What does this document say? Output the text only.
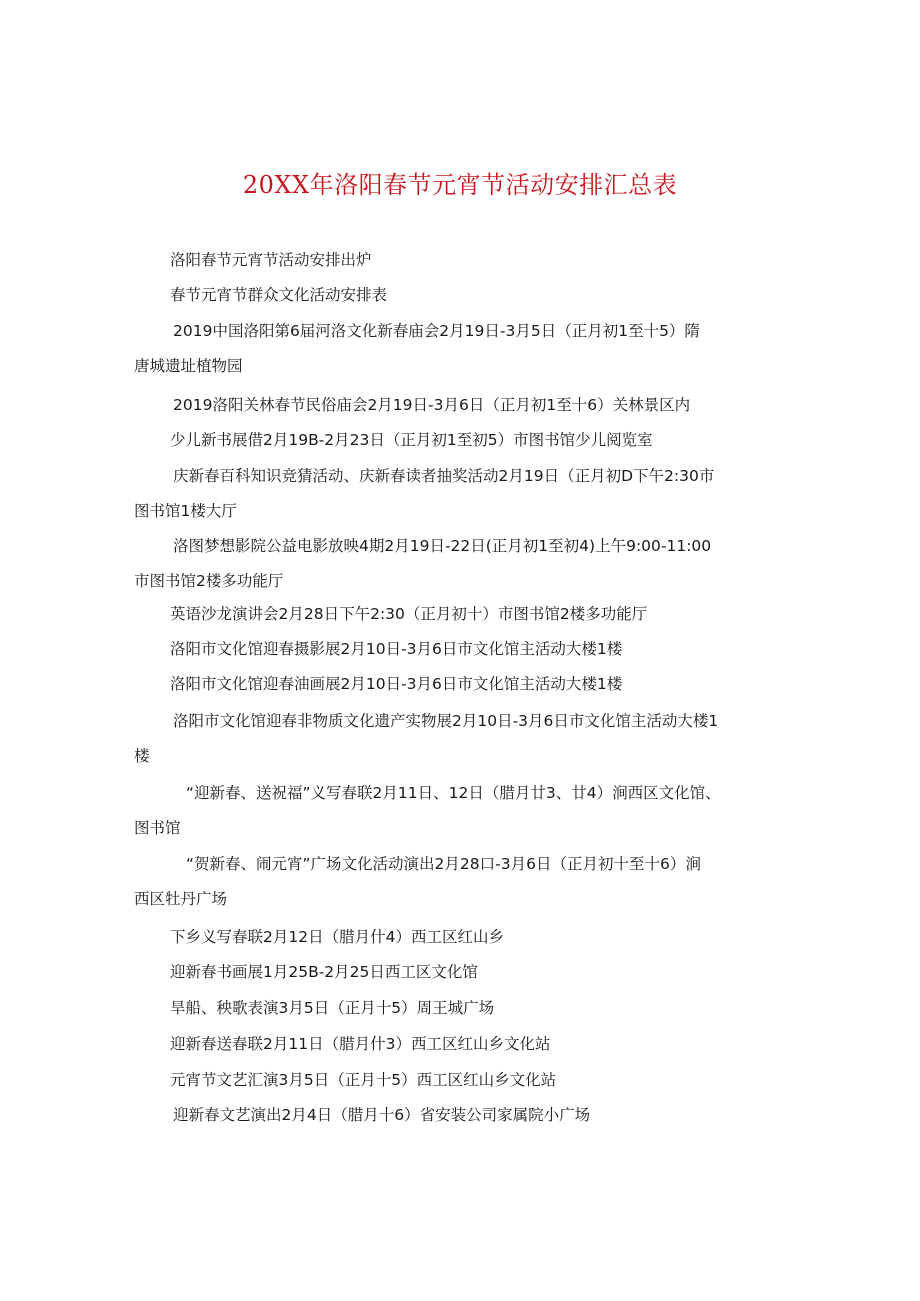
20XX年洛阳春节元宵节活动安排汇总表
洛阳春节元宵节活动安排出炉
春节元宵节群众文化活动安排表
2019中国洛阳第6届河洛文化新春庙会2月19日-3月5日（正月初1至十5）隋
唐城遗址植物园
2019洛阳关林春节民俗庙会2月19日-3月6日（正月初1至十6）关林景区内
少儿新书展借2月19B-2月23日（正月初1至初5）市图书馆少儿阅览室
庆新春百科知识竞猜活动、庆新春读者抽奖活动2月19日（正月初D下午2:30市
图书馆1楼大厅
洛图梦想影院公益电影放映4期2月19日-22日(正月初1至初4)上午9:00-11:00
市图书馆2楼多功能厅
英语沙龙演讲会2月28日下午2:30（正月初十）市图书馆2楼多功能厅
洛阳市文化馆迎春摄影展2月10日-3月6日市文化馆主活动大楼1楼
洛阳市文化馆迎春油画展2月10日-3月6日市文化馆主活动大楼1楼
洛阳市文化馆迎春非物质文化遗产实物展2月10日-3月6日市文化馆主活动大楼1
楼
“迎新春、送祝福”义写春联2月11日、12日（腊月廿3、廿4）涧西区文化馆、
图书馆
“贺新春、闹元宵”广场文化活动演出2月28口-3月6日（正月初十至十6）涧
西区牡丹广场
下乡义写春联2月12日（腊月什4）西工区红山乡
迎新春书画展1月25B-2月25日西工区文化馆
旱船、秧歌表演3月5日（正月十5）周王城广场
迎新春送春联2月11日（腊月什3）西工区红山乡文化站
元宵节文艺汇演3月5日（正月十5）西工区红山乡文化站
迎新春文艺演出2月4日（腊月十6）省安装公司家属院小广场
